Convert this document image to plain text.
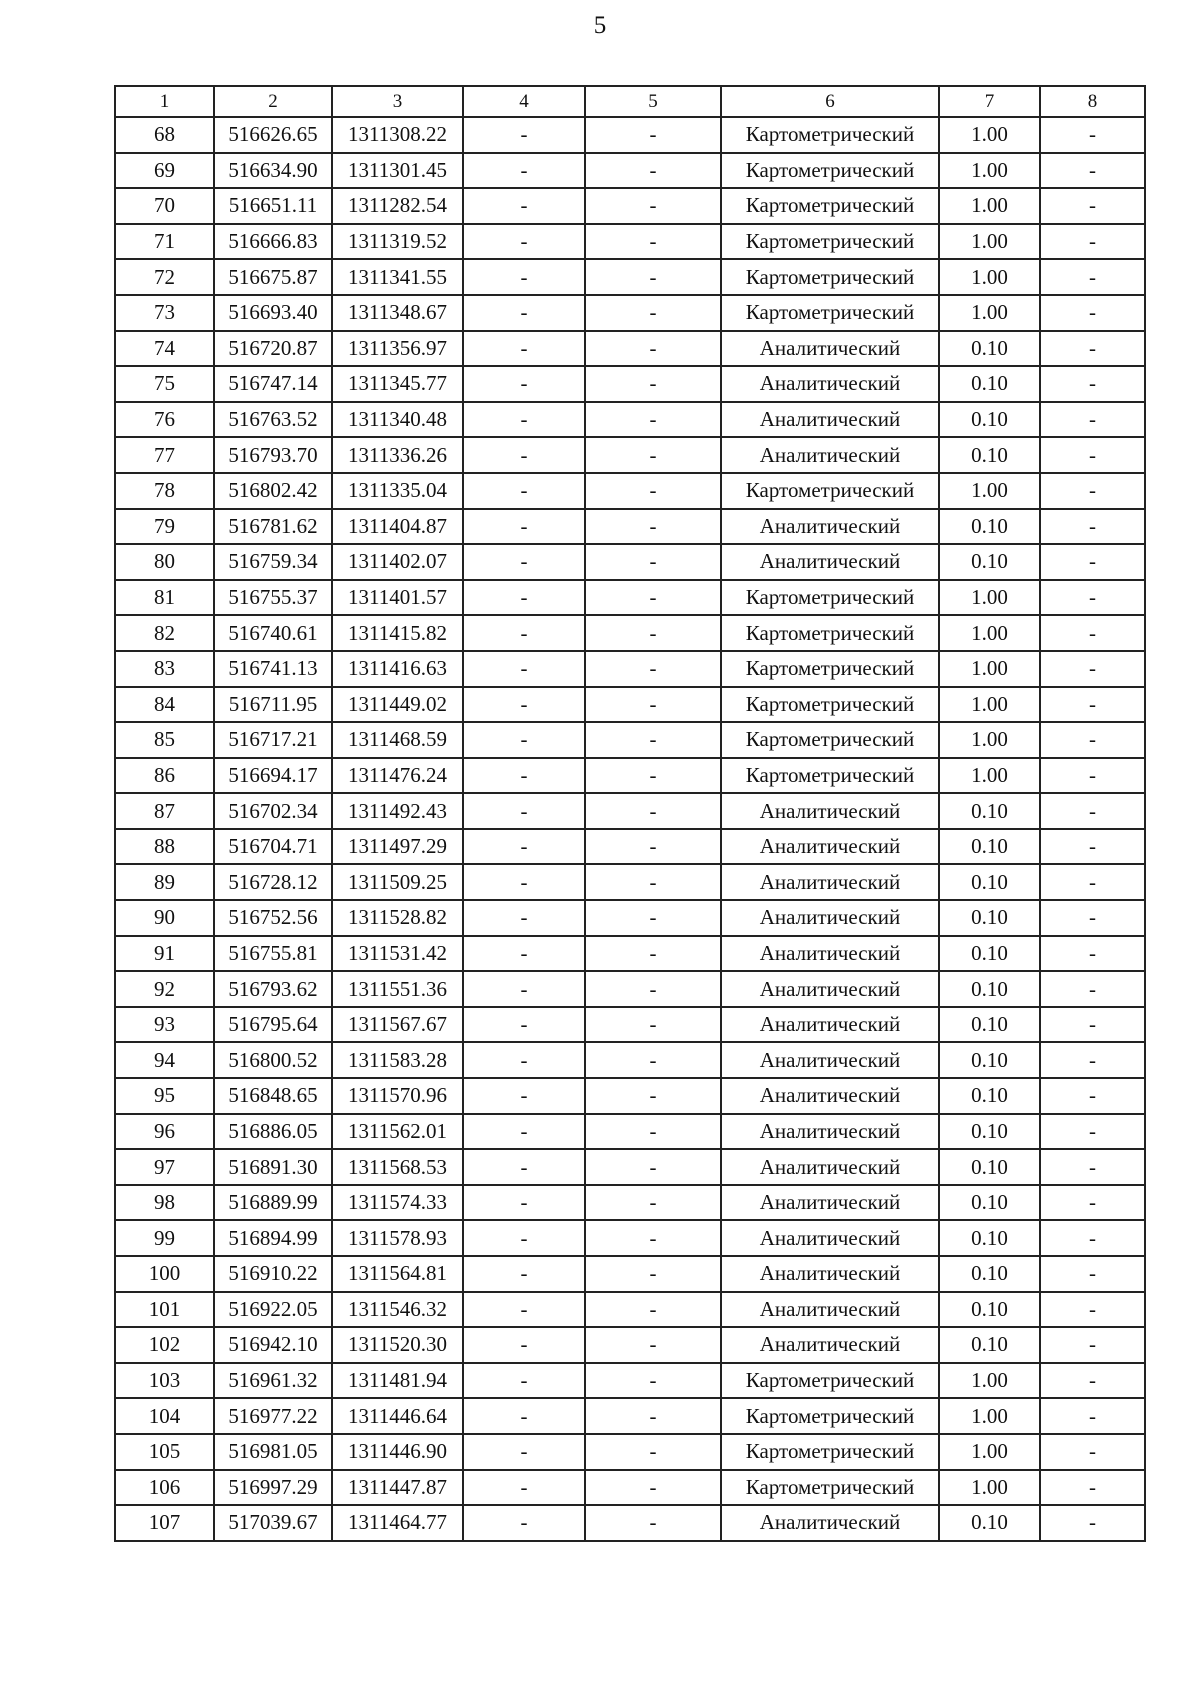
5
1	2	3	4	5	6	7	8
68	516626.65	1311308.22	-	-	Картометрический	1.00	-
69	516634.90	1311301.45	-	-	Картометрический	1.00	-
70	516651.11	1311282.54	-	-	Картометрический	1.00	-
71	516666.83	1311319.52	-	-	Картометрический	1.00	-
72	516675.87	1311341.55	-	-	Картометрический	1.00	-
73	516693.40	1311348.67	-	-	Картометрический	1.00	-
74	516720.87	1311356.97	-	-	Аналитический	0.10	-
75	516747.14	1311345.77	-	-	Аналитический	0.10	-
76	516763.52	1311340.48	-	-	Аналитический	0.10	-
77	516793.70	1311336.26	-	-	Аналитический	0.10	-
78	516802.42	1311335.04	-	-	Картометрический	1.00	-
79	516781.62	1311404.87	-	-	Аналитический	0.10	-
80	516759.34	1311402.07	-	-	Аналитический	0.10	-
81	516755.37	1311401.57	-	-	Картометрический	1.00	-
82	516740.61	1311415.82	-	-	Картометрический	1.00	-
83	516741.13	1311416.63	-	-	Картометрический	1.00	-
84	516711.95	1311449.02	-	-	Картометрический	1.00	-
85	516717.21	1311468.59	-	-	Картометрический	1.00	-
86	516694.17	1311476.24	-	-	Картометрический	1.00	-
87	516702.34	1311492.43	-	-	Аналитический	0.10	-
88	516704.71	1311497.29	-	-	Аналитический	0.10	-
89	516728.12	1311509.25	-	-	Аналитический	0.10	-
90	516752.56	1311528.82	-	-	Аналитический	0.10	-
91	516755.81	1311531.42	-	-	Аналитический	0.10	-
92	516793.62	1311551.36	-	-	Аналитический	0.10	-
93	516795.64	1311567.67	-	-	Аналитический	0.10	-
94	516800.52	1311583.28	-	-	Аналитический	0.10	-
95	516848.65	1311570.96	-	-	Аналитический	0.10	-
96	516886.05	1311562.01	-	-	Аналитический	0.10	-
97	516891.30	1311568.53	-	-	Аналитический	0.10	-
98	516889.99	1311574.33	-	-	Аналитический	0.10	-
99	516894.99	1311578.93	-	-	Аналитический	0.10	-
100	516910.22	1311564.81	-	-	Аналитический	0.10	-
101	516922.05	1311546.32	-	-	Аналитический	0.10	-
102	516942.10	1311520.30	-	-	Аналитический	0.10	-
103	516961.32	1311481.94	-	-	Картометрический	1.00	-
104	516977.22	1311446.64	-	-	Картометрический	1.00	-
105	516981.05	1311446.90	-	-	Картометрический	1.00	-
106	516997.29	1311447.87	-	-	Картометрический	1.00	-
107	517039.67	1311464.77	-	-	Аналитический	0.10	-
